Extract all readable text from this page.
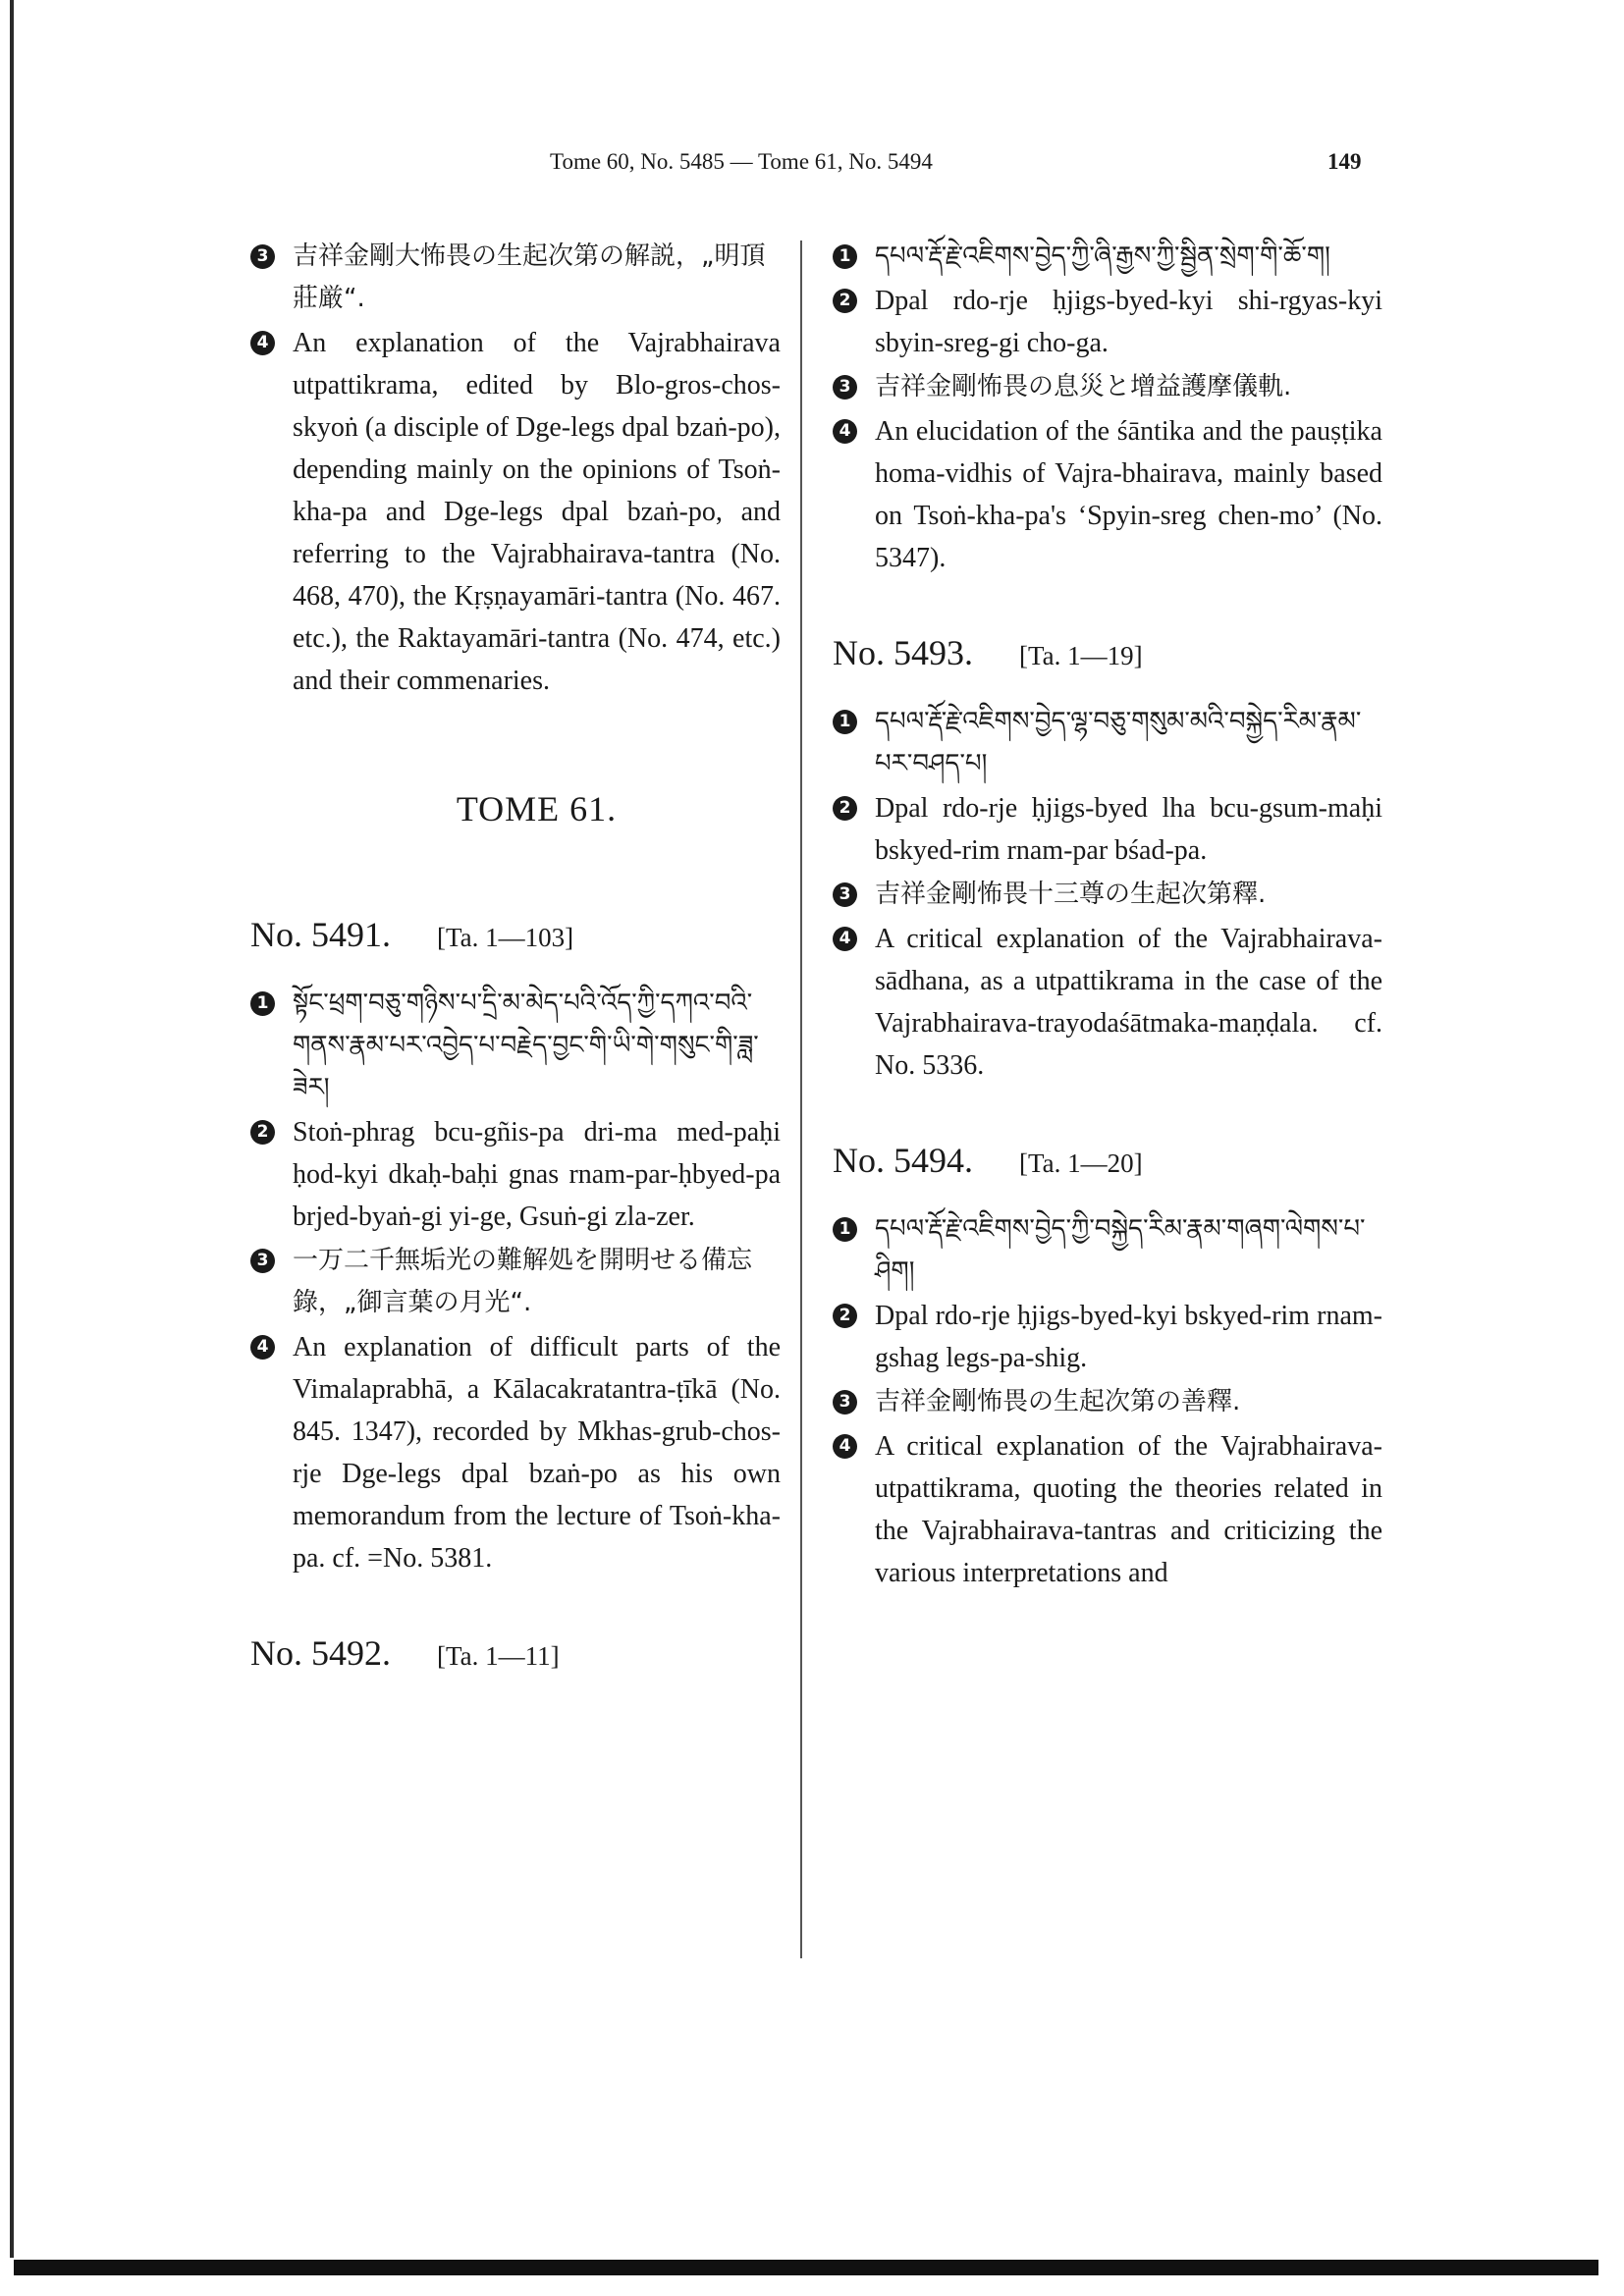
Tome 60, No. 5485 — Tome 61, No. 5494	149
3 吉祥金剛大怖畏の生起次第の解説，„明頂莊厳“.
4 An explanation of the Vajrabhairava utpattikrama, edited by Blo-gros-chos-skyoṅ (a disciple of Dge-legs dpal bzaṅ-po), depending mainly on the opinions of Tsoṅ-kha-pa and Dge-legs dpal bzaṅ-po, and referring to the Vajrabhairava-tantra (No. 468, 470), the Kṛṣṇayamāri-tantra (No. 467. etc.), the Raktayamāri-tantra (No. 474, etc.) and their commenaries.
TOME 61.
No. 5491. [Ta. 1—103]
1 སྟོང་ཕྲག་བཅུ་གཉིས་པ་དྲི་མ་མེད་པའི་འོད་ཀྱི་དཀའ་བའི་གནས་རྣམ་པར་འབྱེད་པ་བརྗེད་བྱང་གི་ཡི་གེ་གསུང་གི་ཟླ་ཟེར།
2 Stoṅ-phrag bcu-gñis-pa dri-ma med-paḥi ḥod-kyi dkaḥ-baḥi gnas rnam-par-ḥbyed-pa brjed-byaṅ-gi yi-ge, Gsuṅ-gi zla-zer.
3 一万二千無垢光の難解処を開明せる備忘錄，„御言葉の月光“.
4 An explanation of difficult parts of the Vimalaprabhā, a Kālacakratantra-ṭīkā (No. 845. 1347), recorded by Mkhas-grub-chos-rje Dge-legs dpal bzaṅ-po as his own memorandum from the lecture of Tsoṅ-kha-pa. cf. =No. 5381.
No. 5492. [Ta. 1—11]
1 དཔལ་རྡོ་རྗེ་འཇིགས་བྱེད་ཀྱི་ཞི་རྒྱས་ཀྱི་སྦྱིན་སྲེག་གི་ཆོ་ག།
2 Dpal rdo-rje ḥjigs-byed-kyi shi-rgyas-kyi sbyin-sreg-gi cho-ga.
3 吉祥金剛怖畏の息災と增益護摩儀軌.
4 An elucidation of the śāntika and the pauṣṭika homa-vidhis of Vajra-bhairava, mainly based on Tsoṅ-kha-pa's ‘Spyin-sreg chen-mo’ (No. 5347).
No. 5493. [Ta. 1—19]
1 དཔལ་རྡོ་རྗེ་འཇིགས་བྱེད་ལྷ་བཅུ་གསུམ་མའི་བསྐྱེད་རིམ་རྣམ་པར་བཤད་པ།
2 Dpal rdo-rje ḥjigs-byed lha bcu-gsum-maḥi bskyed-rim rnam-par bśad-pa.
3 吉祥金剛怖畏十三尊の生起次第釋.
4 A critical explanation of the Vajrabhairava-sādhana, as a utpattikrama in the case of the Vajrabhairava-trayodaśātmaka-maṇḍala. cf. No. 5336.
No. 5494. [Ta. 1—20]
1 དཔལ་རྡོ་རྗེ་འཇིགས་བྱེད་ཀྱི་བསྐྱེད་རིམ་རྣམ་གཞག་ལེགས་པ་ཤིག།
2 Dpal rdo-rje ḥjigs-byed-kyi bskyed-rim rnam-gshag legs-pa-shig.
3 吉祥金剛怖畏の生起次第の善釋.
4 A critical explanation of the Vajrabhairava-utpattikrama, quoting the theories related in the Vajrabhairava-tantras and criticizing the various interpretations and
